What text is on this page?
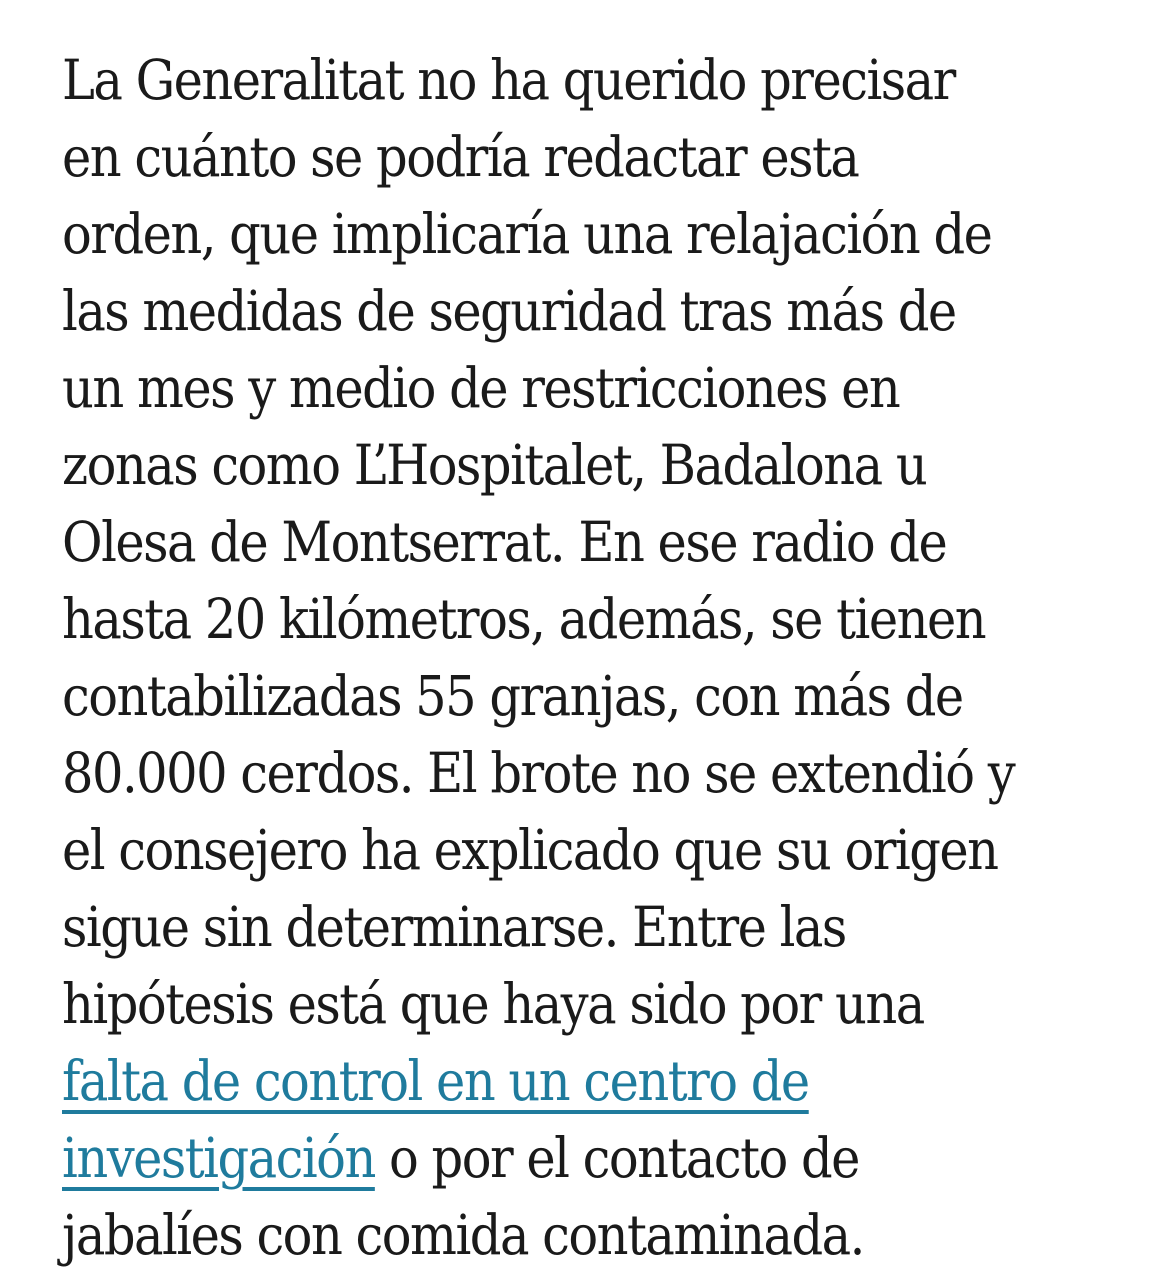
La Generalitat no ha querido precisar
en cuánto se podría redactar esta
orden, que implicaría una relajación de
las medidas de seguridad tras más de
un mes y medio de restricciones en
zonas como L’Hospitalet, Badalona u
Olesa de Montserrat. En ese radio de
hasta 20 kilómetros, además, se tienen
contabilizadas 55 granjas, con más de
80.000 cerdos. El brote no se extendió y
el consejero ha explicado que su origen
sigue sin determinarse. Entre las
hipótesis está que haya sido por una
falta de control en un centro de
investigación o por el contacto de
jabalíes con comida contaminada.
